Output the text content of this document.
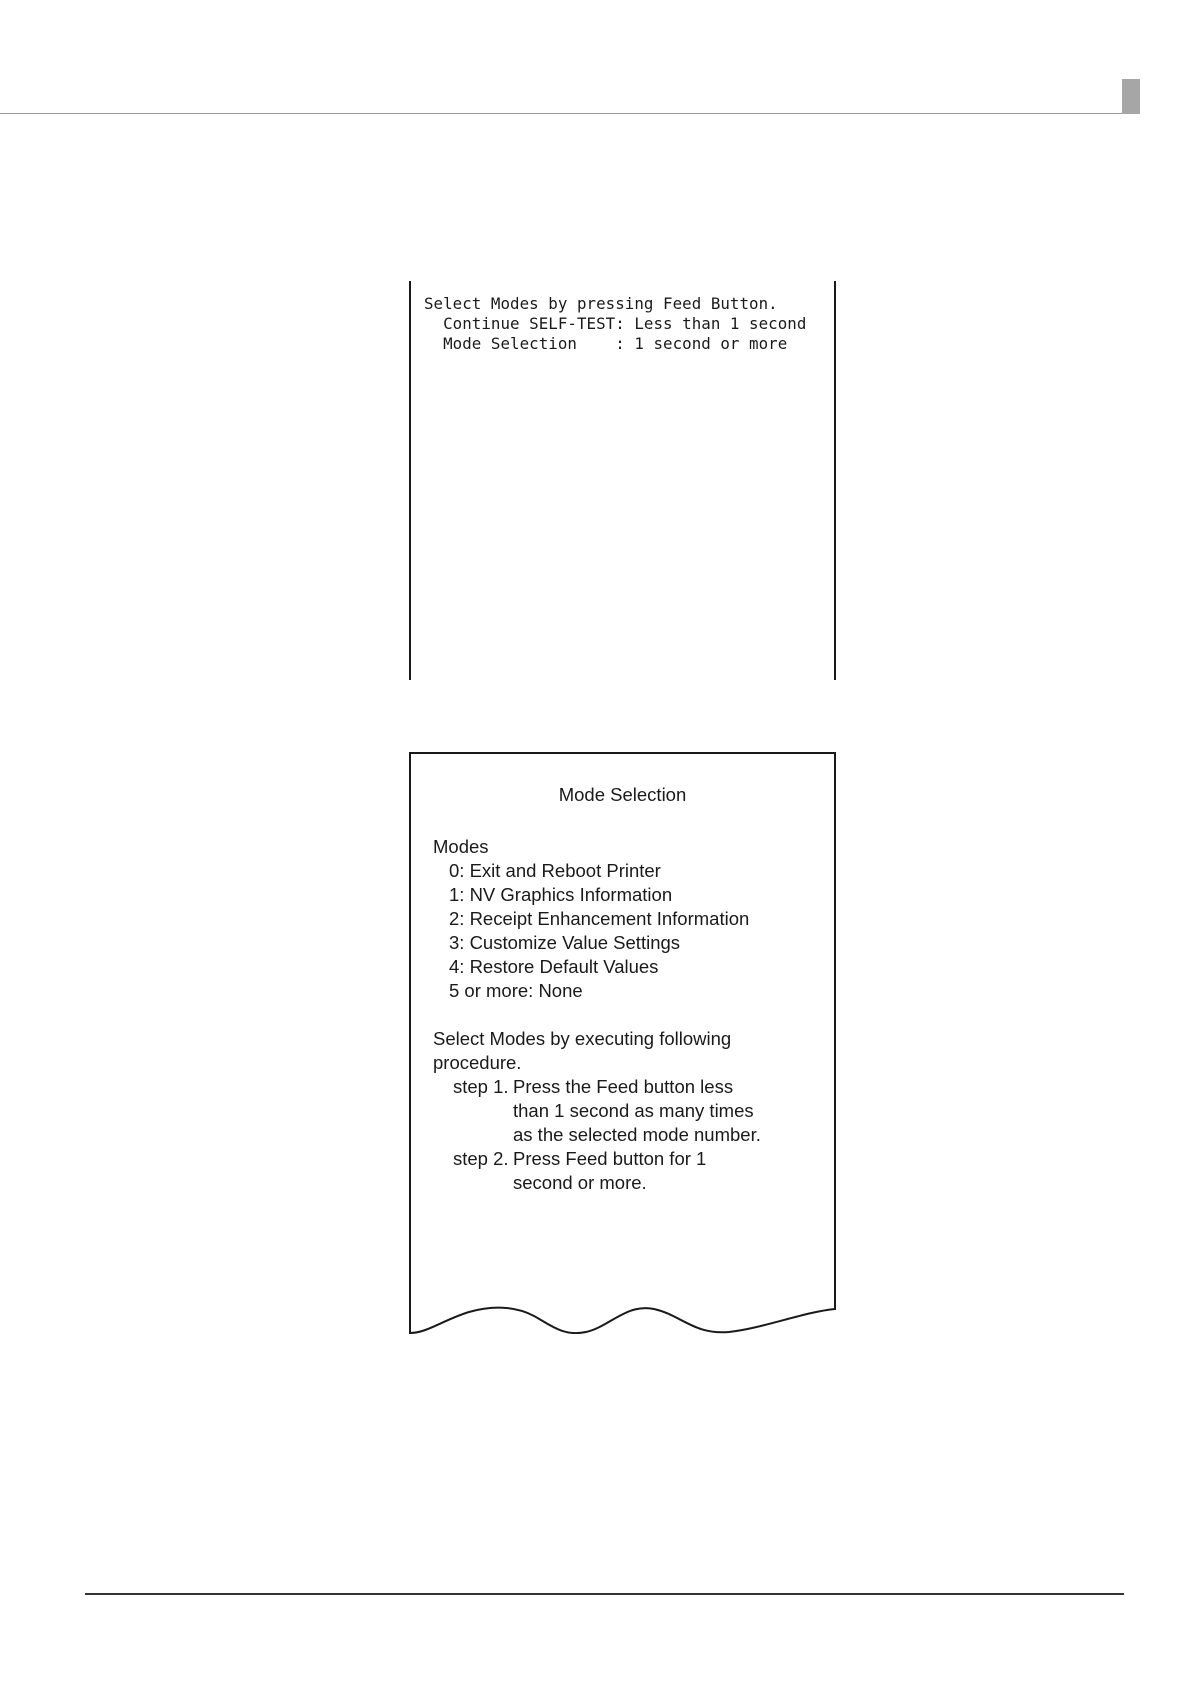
Select Modes by pressing Feed Button.
Continue SELF-TEST: Less than 1 second
Mode Selection    : 1 second or more
Mode Selection
Modes
0: Exit and Reboot Printer
1: NV Graphics Information
2: Receipt Enhancement Information
3: Customize Value Settings
4: Restore Default Values
5 or more: None
Select Modes by executing following
procedure.
step 1. Press the Feed button less
than 1 second as many times
as the selected mode number.
step 2. Press Feed button for 1
second or more.
